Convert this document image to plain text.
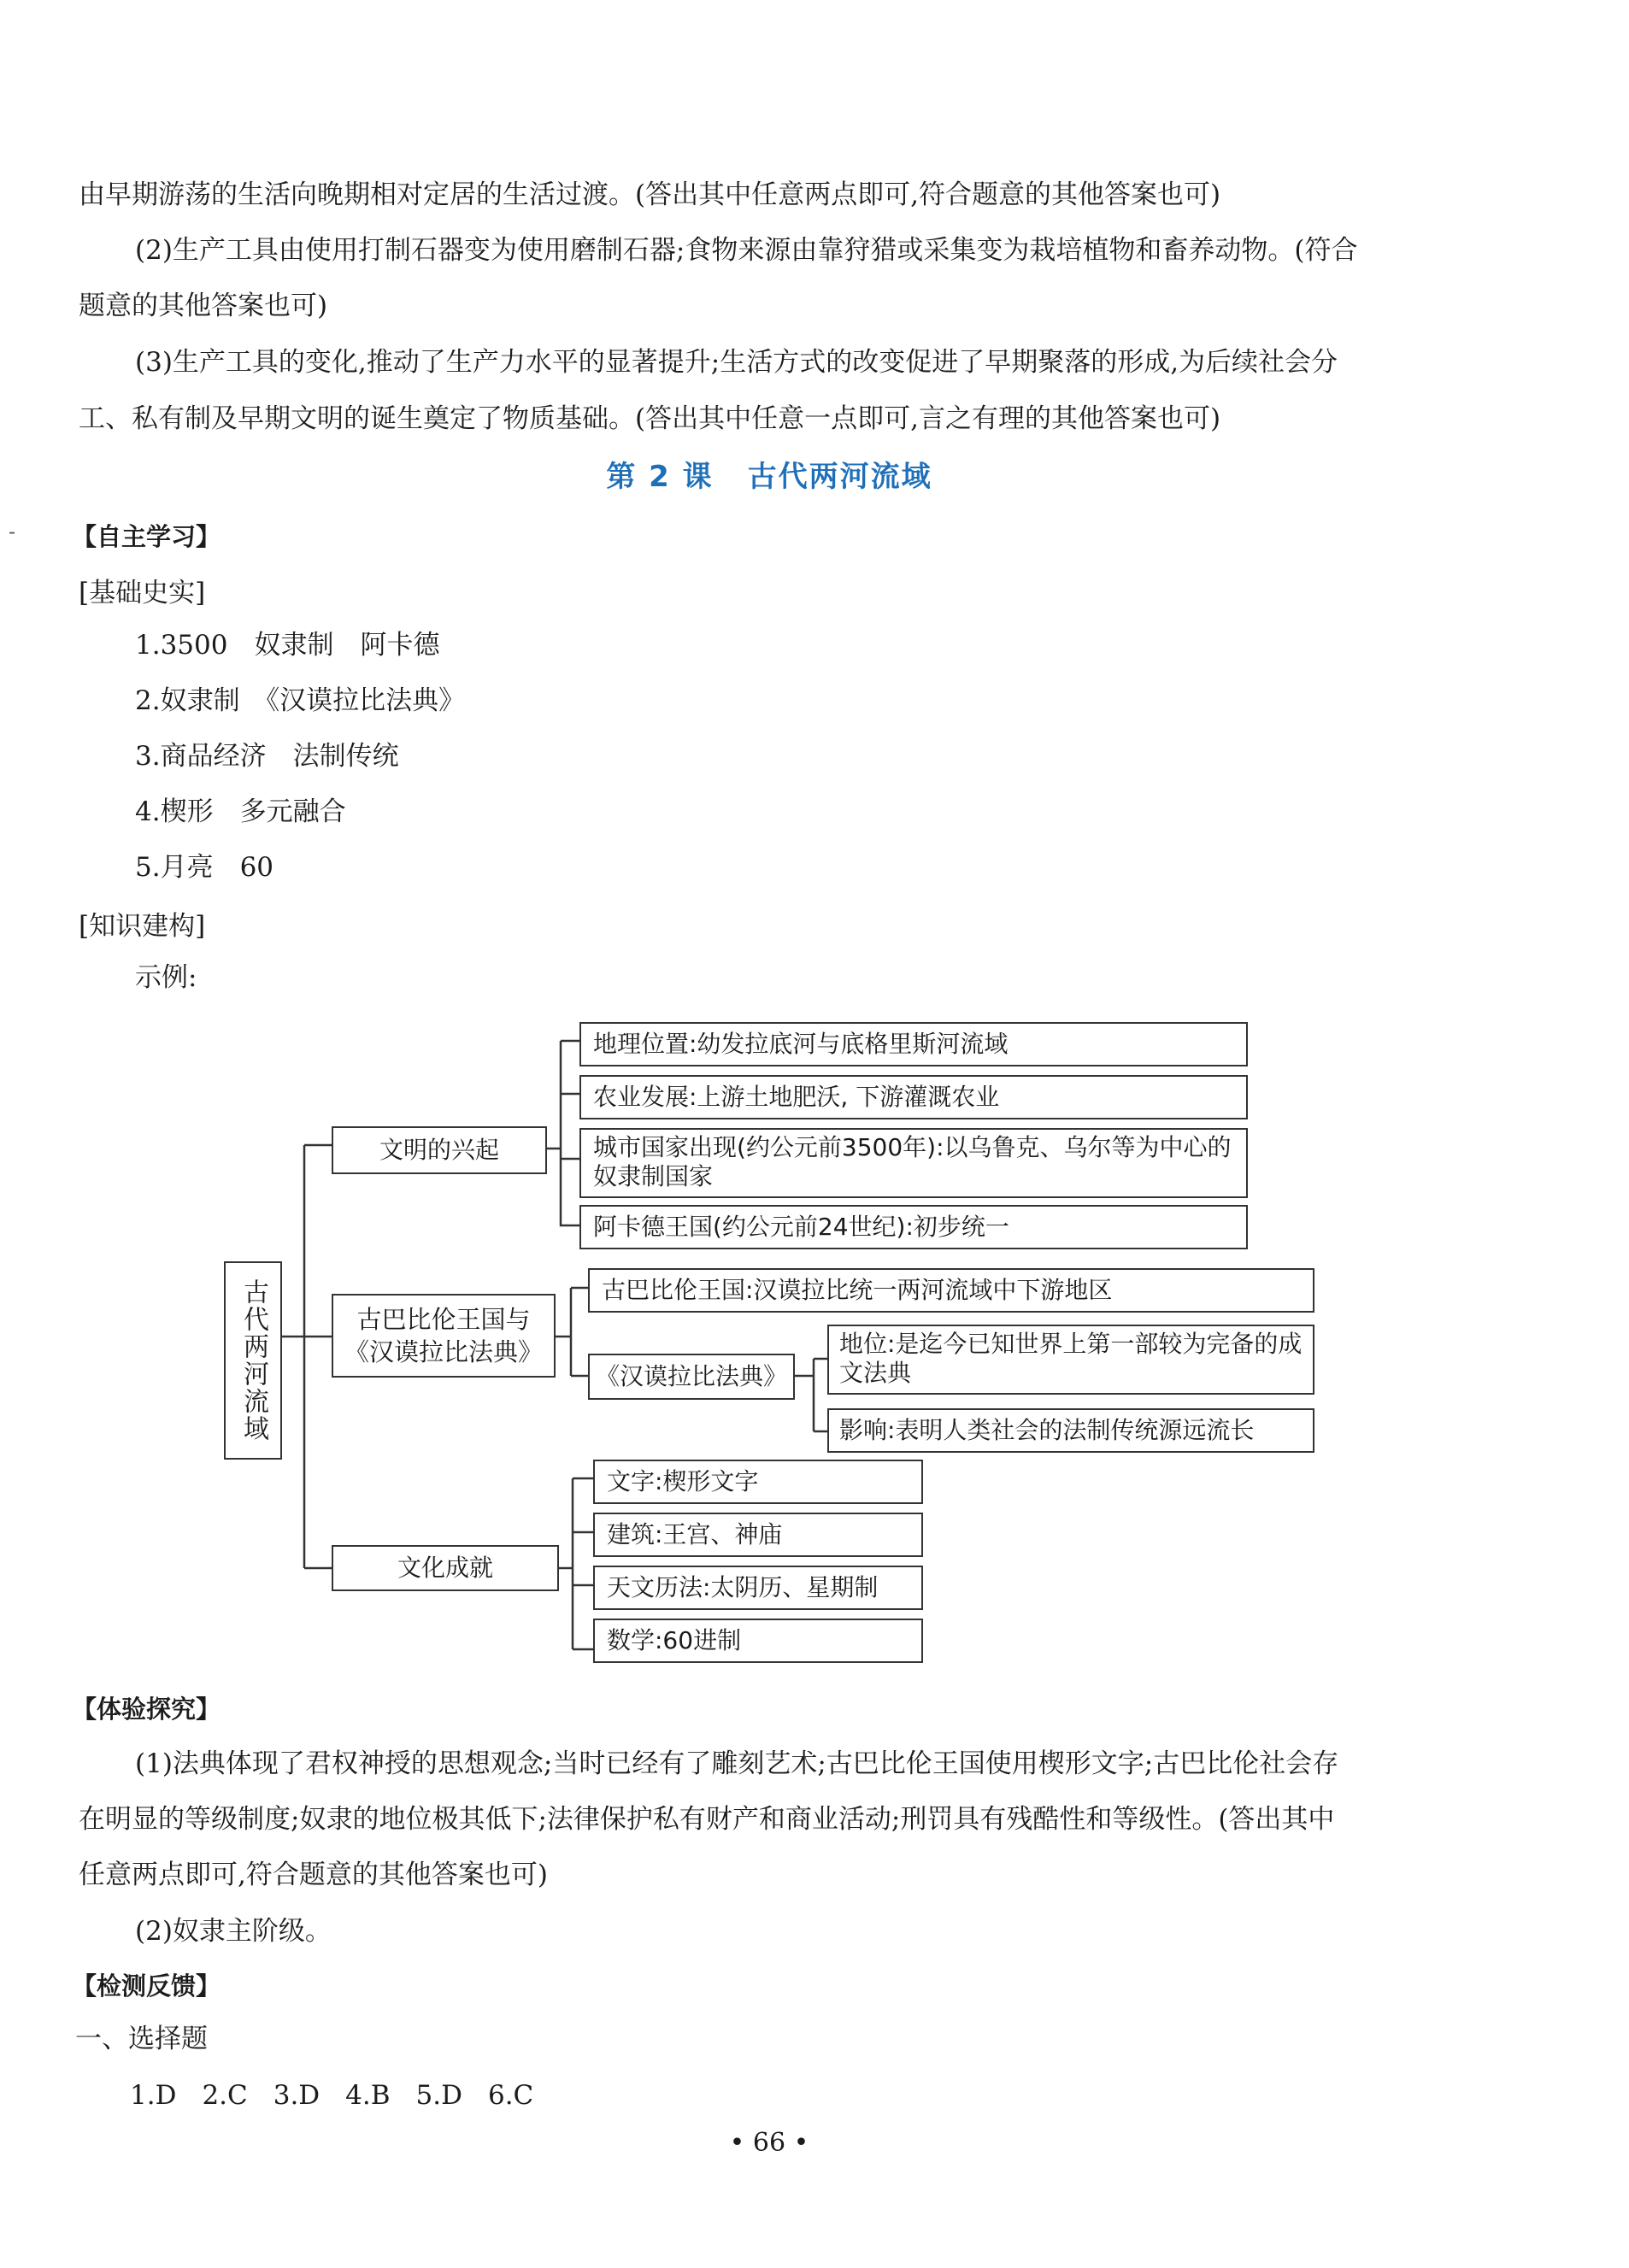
由早期游荡的生活向晚期相对定居的生活过渡。(答出其中任意两点即可,符合题意的其他答案也可)
(2)生产工具由使用打制石器变为使用磨制石器;食物来源由靠狩猎或采集变为栽培植物和畜养动物。(符合
题意的其他答案也可)
(3)生产工具的变化,推动了生产力水平的显著提升;生活方式的改变促进了早期聚落的形成,为后续社会分
工、私有制及早期文明的诞生奠定了物质基础。(答出其中任意一点即可,言之有理的其他答案也可)
第 2 课 古代两河流域
- 【自主学习】
[基础史实]
1.3500　奴隶制　阿卡德
2.奴隶制　《汉谟拉比法典》
3.商品经济　法制传统
4.楔形　多元融合
5.月亮　60
[知识建构]
示例:
古代两河流域
文明的兴起
地理位置:幼发拉底河与底格里斯河流域
农业发展:上游土地肥沃, 下游灌溉农业
城市国家出现(约公元前3500年):以乌鲁克、乌尔等为中心的奴隶制国家
阿卡德王国(约公元前24世纪):初步统一
古巴比伦王国与《汉谟拉比法典》
古巴比伦王国:汉谟拉比统一两河流域中下游地区
《汉谟拉比法典》
地位:是迄今已知世界上第一部较为完备的成文法典
影响:表明人类社会的法制传统源远流长
文化成就
文字:楔形文字
建筑:王宫、神庙
天文历法:太阴历、星期制
数学:60进制
【体验探究】
(1)法典体现了君权神授的思想观念;当时已经有了雕刻艺术;古巴比伦王国使用楔形文字;古巴比伦社会存
在明显的等级制度;奴隶的地位极其低下;法律保护私有财产和商业活动;刑罚具有残酷性和等级性。(答出其中
任意两点即可,符合题意的其他答案也可)
(2)奴隶主阶级。
【检测反馈】
一、选择题
1.D 2.C 3.D 4.B 5.D 6.C
• 66 •
